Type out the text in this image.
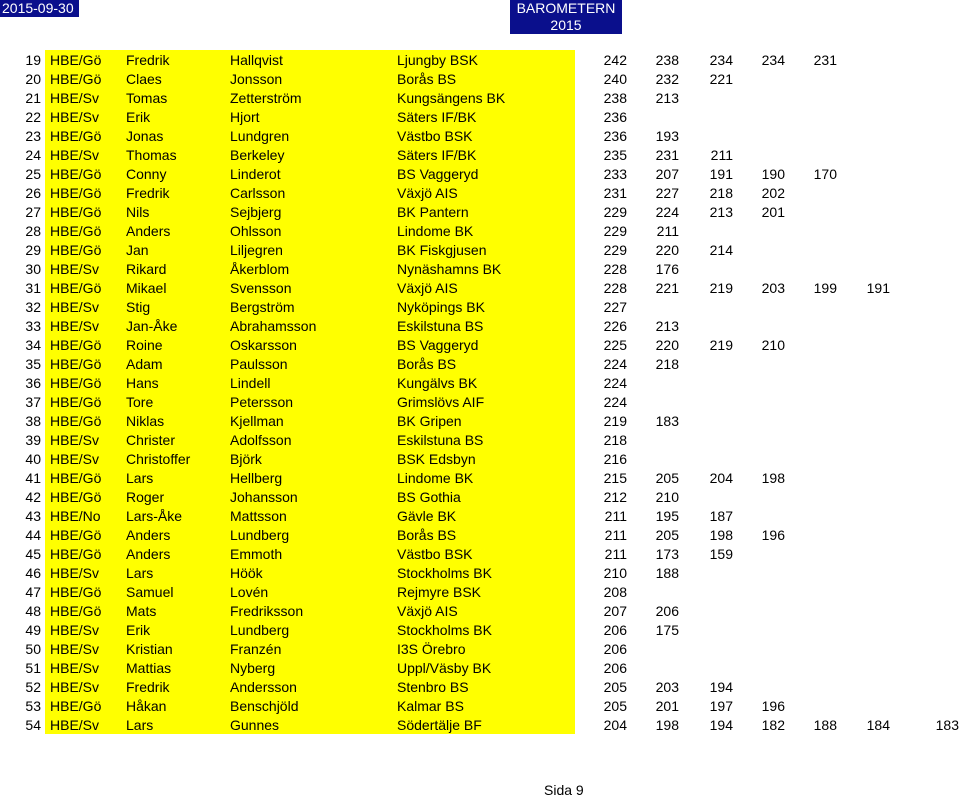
2015-09-30	BAROMETERN
2015
19	HBE/Gö	Fredrik	Hallqvist	Ljungby BSK	242	238	234	234	231		
20	HBE/Gö	Claes	Jonsson	Borås BS	240	232	221				
21	HBE/Sv	Tomas	Zetterström	Kungsängens BK	238	213					
22	HBE/Sv	Erik	Hjort	Säters IF/BK	236						
23	HBE/Gö	Jonas	Lundgren	Västbo BSK	236	193					
24	HBE/Sv	Thomas	Berkeley	Säters IF/BK	235	231	211				
25	HBE/Gö	Conny	Linderot	BS Vaggeryd	233	207	191	190	170		
26	HBE/Gö	Fredrik	Carlsson	Växjö AIS	231	227	218	202			
27	HBE/Gö	Nils	Sejbjerg	BK Pantern	229	224	213	201			
28	HBE/Gö	Anders	Ohlsson	Lindome BK	229	211					
29	HBE/Gö	Jan	Liljegren	BK Fiskgjusen	229	220	214				
30	HBE/Sv	Rikard	Åkerblom	Nynäshamns BK	228	176					
31	HBE/Gö	Mikael	Svensson	Växjö AIS	228	221	219	203	199	191	
32	HBE/Sv	Stig	Bergström	Nyköpings BK	227						
33	HBE/Sv	Jan-Åke	Abrahamsson	Eskilstuna BS	226	213					
34	HBE/Gö	Roine	Oskarsson	BS Vaggeryd	225	220	219	210			
35	HBE/Gö	Adam	Paulsson	Borås BS	224	218					
36	HBE/Gö	Hans	Lindell	Kungälvs BK	224						
37	HBE/Gö	Tore	Petersson	Grimslövs AIF	224						
38	HBE/Gö	Niklas	Kjellman	BK Gripen	219	183					
39	HBE/Sv	Christer	Adolfsson	Eskilstuna BS	218						
40	HBE/Sv	Christoffer	Björk	BSK Edsbyn	216						
41	HBE/Gö	Lars	Hellberg	Lindome BK	215	205	204	198			
42	HBE/Gö	Roger	Johansson	BS Gothia	212	210					
43	HBE/No	Lars-Åke	Mattsson	Gävle BK	211	195	187				
44	HBE/Gö	Anders	Lundberg	Borås BS	211	205	198	196			
45	HBE/Gö	Anders	Emmoth	Västbo BSK	211	173	159				
46	HBE/Sv	Lars	Höök	Stockholms BK	210	188					
47	HBE/Gö	Samuel	Lovén	Rejmyre BSK	208						
48	HBE/Gö	Mats	Fredriksson	Växjö AIS	207	206					
49	HBE/Sv	Erik	Lundberg	Stockholms BK	206	175					
50	HBE/Sv	Kristian	Franzén	I3S Örebro	206						
51	HBE/Sv	Mattias	Nyberg	Uppl/Väsby BK	206						
52	HBE/Sv	Fredrik	Andersson	Stenbro BS	205	203	194				
53	HBE/Gö	Håkan	Benschjöld	Kalmar BS	205	201	197	196			
54	HBE/Sv	Lars	Gunnes	Södertälje BF	204	198	194	182	188	184	183
Sida 9
